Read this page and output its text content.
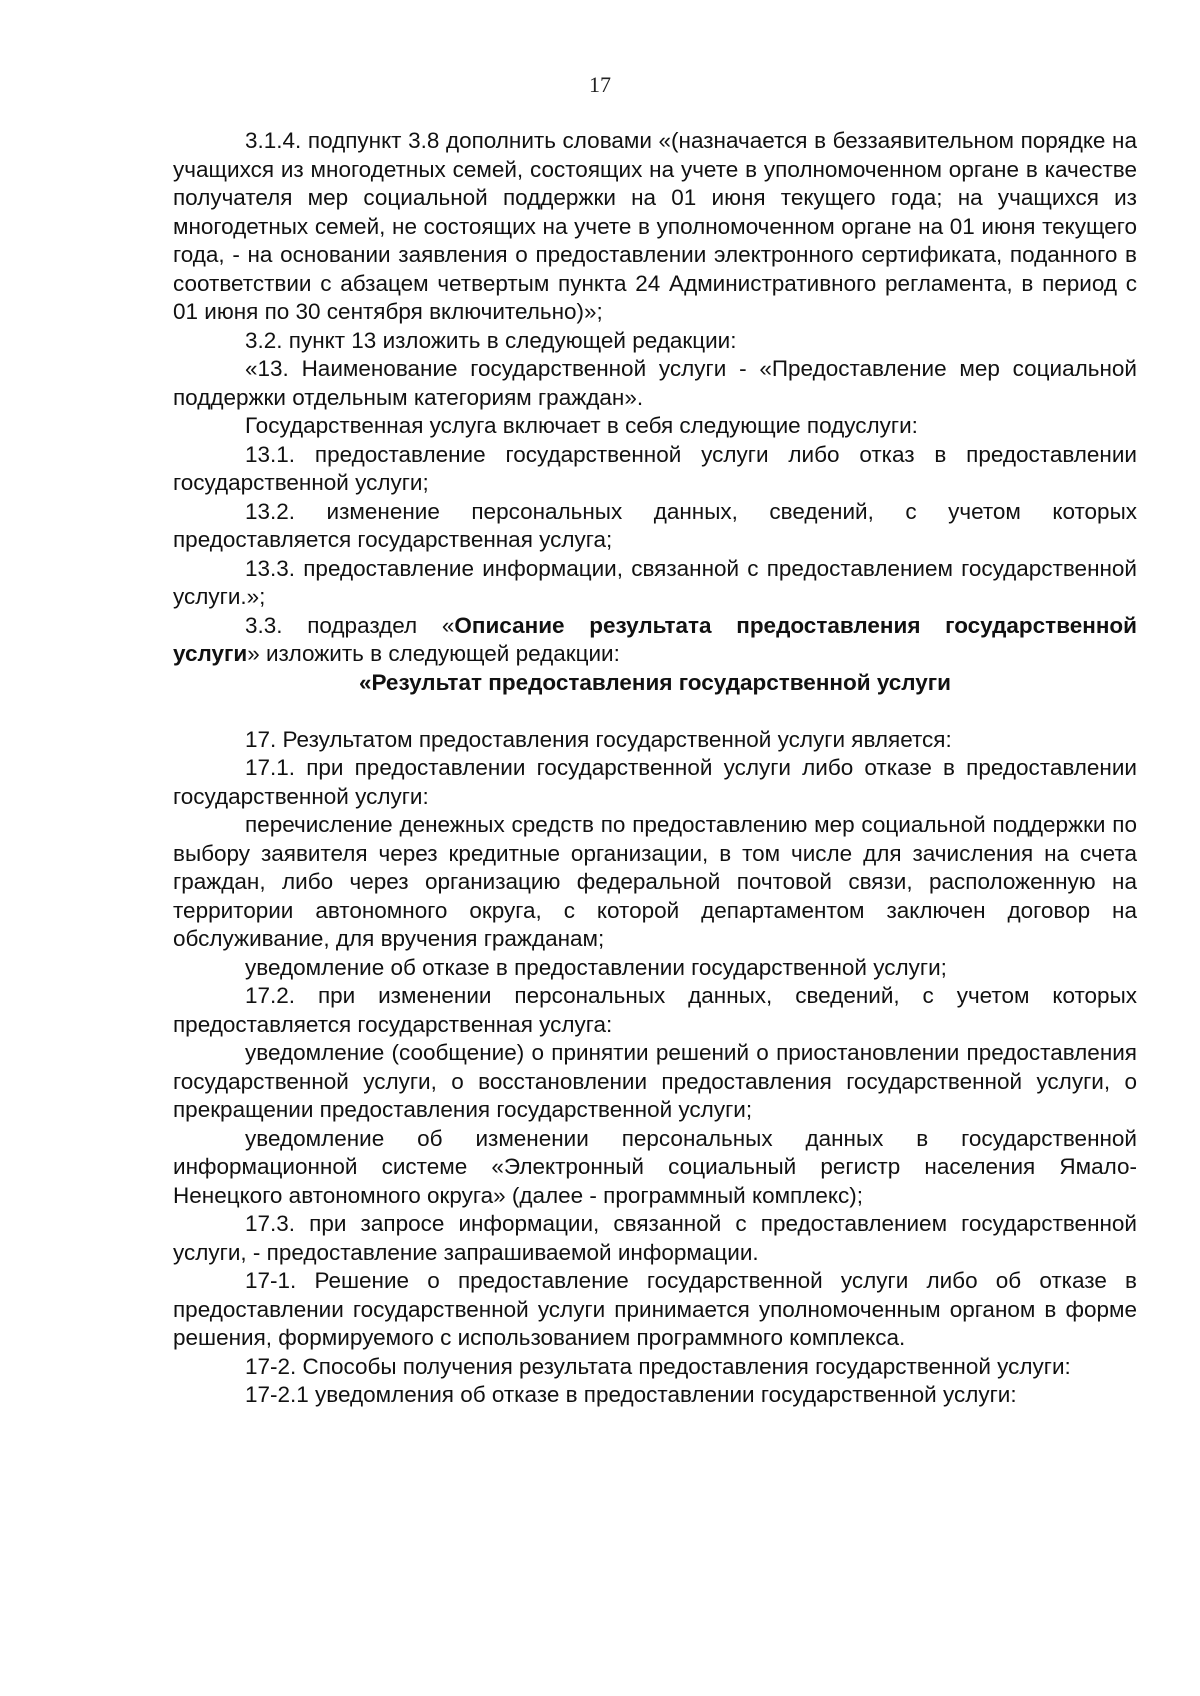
17

3.1.4. подпункт 3.8 дополнить словами «(назначается в беззаявительном порядке на учащихся из многодетных семей, состоящих на учете в уполномоченном органе в качестве получателя мер социальной поддержки на 01 июня текущего года; на учащихся из многодетных семей, не состоящих на учете в уполномоченном органе на 01 июня текущего года, - на основании заявления о предоставлении электронного сертификата, поданного в соответствии с абзацем четвертым пункта 24 Административного регламента, в период с 01 июня по 30 сентября включительно)»;

3.2. пункт 13 изложить в следующей редакции:

«13. Наименование государственной услуги - «Предоставление мер социальной поддержки отдельным категориям граждан».

Государственная услуга включает в себя следующие подуслуги:

13.1. предоставление государственной услуги либо отказ в предоставлении государственной услуги;

13.2. изменение персональных данных, сведений, с учетом которых предоставляется государственная услуга;

13.3. предоставление информации, связанной с предоставлением государственной услуги.»;

3.3. подраздел «Описание результата предоставления государственной услуги» изложить в следующей редакции:

«Результат предоставления государственной услуги

17. Результатом предоставления государственной услуги является:

17.1. при предоставлении государственной услуги либо отказе в предоставлении государственной услуги:

перечисление денежных средств по предоставлению мер социальной поддержки по выбору заявителя через кредитные организации, в том числе для зачисления на счета граждан, либо через организацию федеральной почтовой связи, расположенную на территории автономного округа, с которой департаментом заключен договор на обслуживание, для вручения гражданам;

уведомление об отказе в предоставлении государственной услуги;

17.2. при изменении персональных данных, сведений, с учетом которых предоставляется государственная услуга:

уведомление (сообщение) о принятии решений о приостановлении предоставления государственной услуги, о восстановлении предоставления государственной услуги, о прекращении предоставления государственной услуги;

уведомление об изменении персональных данных в государственной информационной системе «Электронный социальный регистр населения Ямало-Ненецкого автономного округа» (далее - программный комплекс);

17.3. при запросе информации, связанной с предоставлением государственной услуги, - предоставление запрашиваемой информации.

17-1. Решение о предоставление государственной услуги либо об отказе в предоставлении государственной услуги принимается уполномоченным органом в форме решения, формируемого с использованием программного комплекса.

17-2. Способы получения результата предоставления государственной услуги:

17-2.1 уведомления об отказе в предоставлении государственной услуги:
